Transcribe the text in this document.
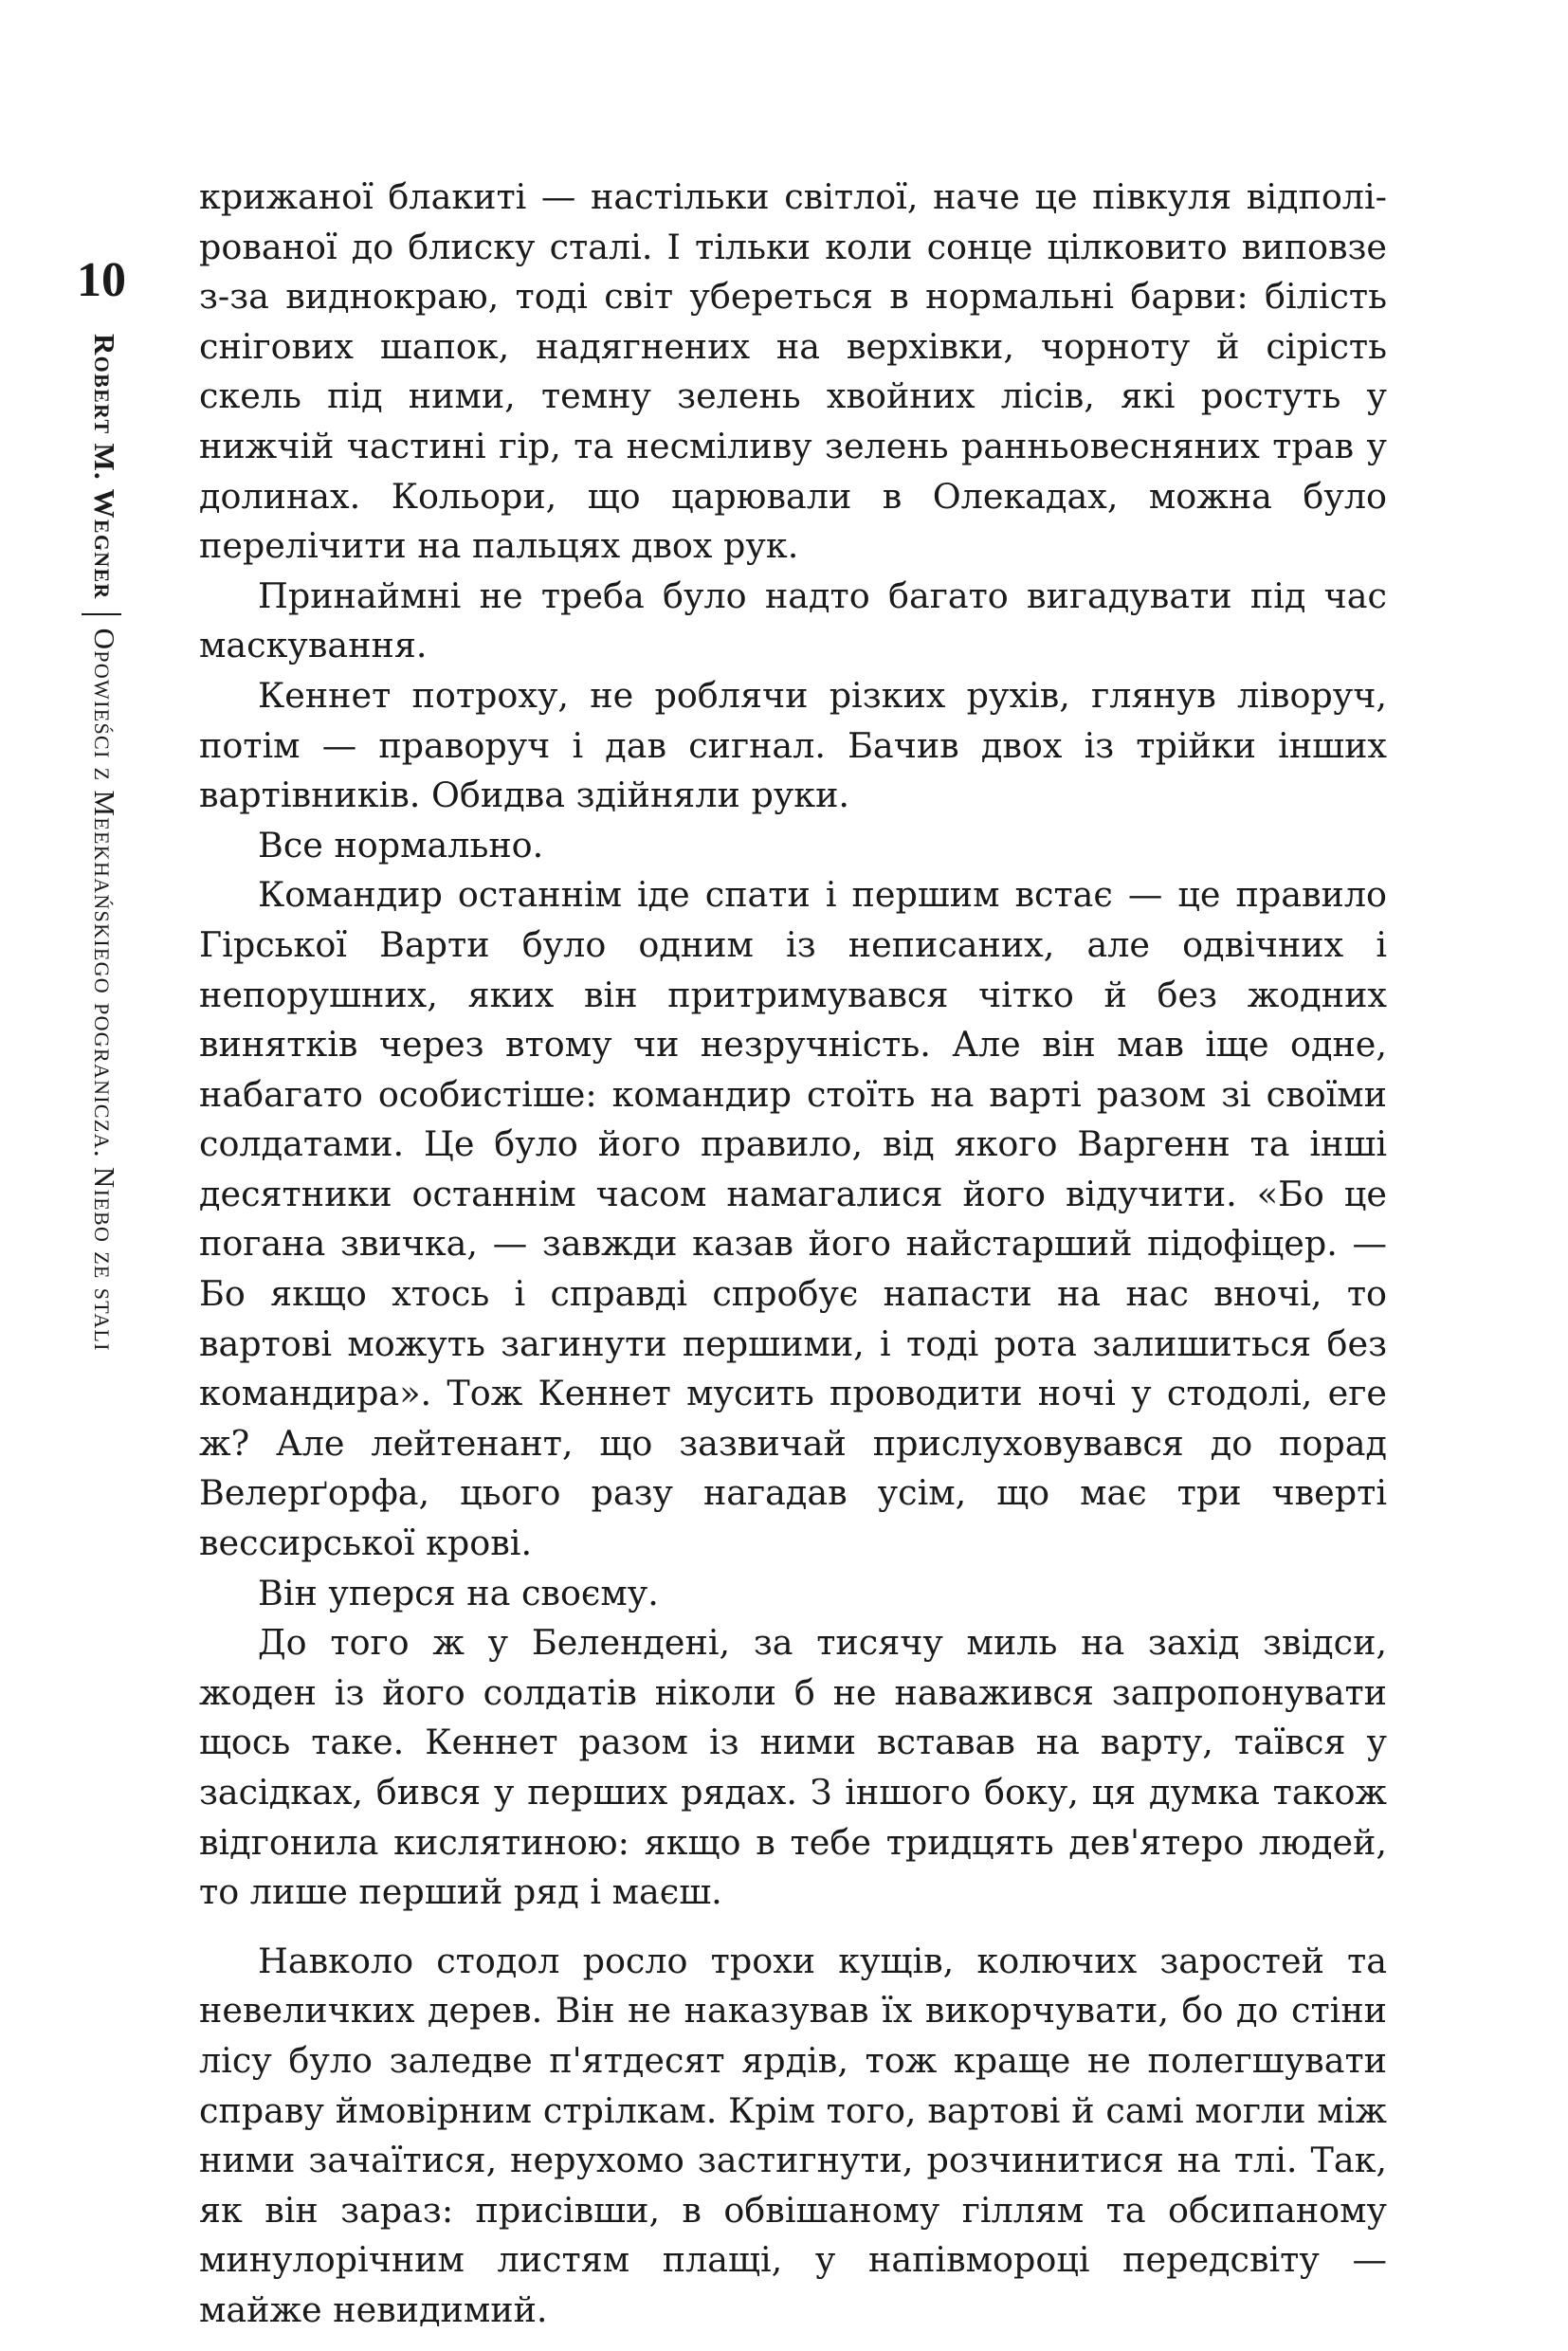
10
Robert M. WegnerOpowieści z Meekhańskiego pogranicza. Niebo ze stali

крижаної блакиті — настільки світлої, наче це півкуля відполірованої до блиску сталі. І тільки коли сонце цілковито виповзе з-за виднокраю, тоді світ убереться в нормальні барви: білість снігових шапок, надягнених на верхівки, чорноту й сірість скель під ними, темну зелень хвойних лісів, які ростуть у нижчій частині гір, та несміливу зелень ранньовесняних трав у долинах. Кольори, що царювали в Олекадах, можна було перелічити на пальцях двох рук.

Принаймні не треба було надто багато вигадувати під час маскування.

Кеннет потроху, не роблячи різких рухів, глянув ліворуч, потім — праворуч і дав сигнал. Бачив двох із трійки інших вартівників. Обидва здійняли руки.

Все нормально.

Командир останнім іде спати і першим встає — це правило Гірської Варти було одним із неписаних, але одвічних і непорушних, яких він притримувався чітко й без жодних винятків через втому чи незручність. Але він мав іще одне, набагато особистіше: командир стоїть на варті разом зі своїми солдатами. Це було його правило, від якого Варгенн та інші десятники останнім часом намагалися його відучити. «Бо це погана звичка, — завжди казав його найстарший підофіцер. — Бо якщо хтось і справді спробує напасти на нас вночі, то вартові можуть загинути першими, і тоді рота залишиться без командира». Тож Кеннет мусить проводити ночі у стодолі, еге ж? Але лейтенант, що зазвичай прислуховувався до порад Велерґорфа, цього разу нагадав усім, що має три чверті вессирської крові.

Він уперся на своєму.

До того ж у Беленденi, за тисячу миль на захід звідси, жоден із його солдатів ніколи б не наважився запропонувати щось таке. Кеннет разом із ними вставав на варту, таївся у засідках, бився у перших рядах. З іншого боку, ця думка також відгонила кислятиною: якщо в тебе тридцять дев'ятеро людей, то лише перший ряд і маєш.

Навколо стодол росло трохи кущів, колючих заростей та невеличких дерев. Він не наказував їх викорчувати, бо до стіни лісу було заледве п'ятдесят ярдів, тож краще не полегшувати справу ймовірним стрілкам. Крім того, вартові й самі могли між ними зачаїтися, нерухомо застигнути, розчинитися на тлі. Так, як він зараз: присівши, в обвішаному гіллям та обсипаному минулорічним листям плащі, у напівмороці передсвіту — майже невидимий.
